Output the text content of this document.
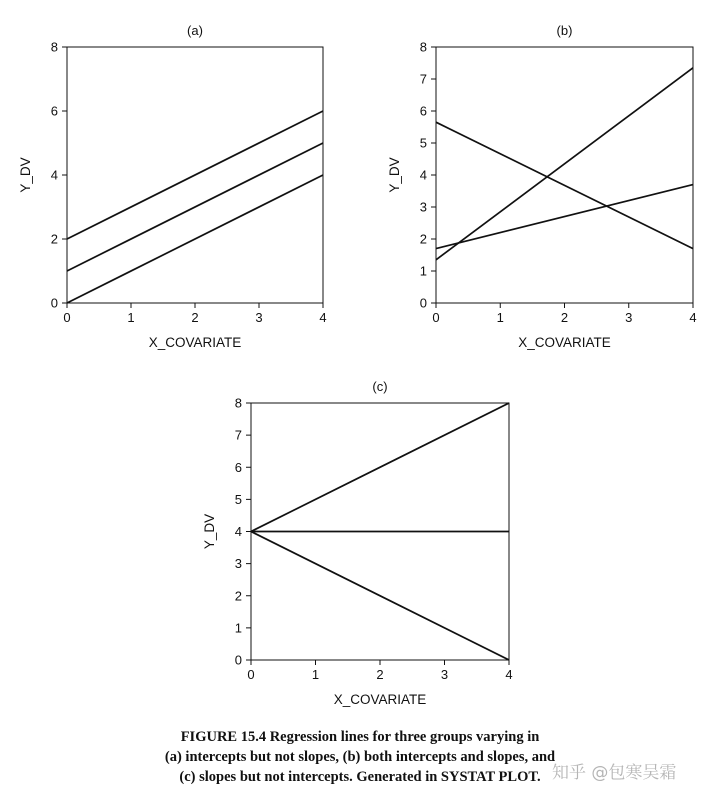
(a)
0	1	2	3	4
0
2
4
6
8
X_COVARIATE
Y_DV
(b)
0	1	2	3	4
0
1
2
3
4
5
6
7
8
X_COVARIATE
Y_DV
(c)
0	1	2	3	4
0
1
2
3
4
5
6
7
8
X_COVARIATE
Y_DV
FIGURE 15.4 Regression lines for three groups varying in
(a) intercepts but not slopes, (b) both intercepts and slopes, and
(c) slopes but not intercepts. Generated in SYSTAT PLOT. 知乎 @包寒吴霜
